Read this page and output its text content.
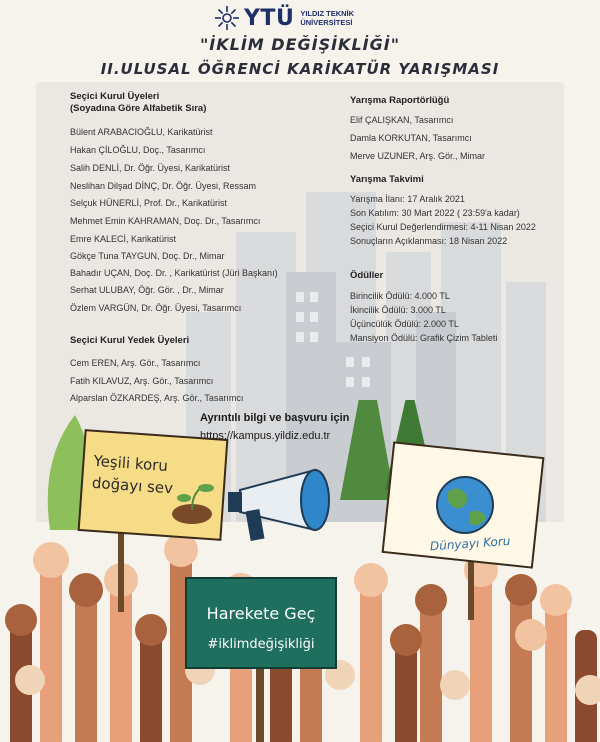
YTÜ YILDIZ TEKNİK
ÜNİVERSİTESİ
"İKLİM DEĞİŞİKLİĞİ"
II.ULUSAL ÖĞRENCİ KARİKATÜR YARIŞMASI
Seçici Kurul Üyeleri
(Soyadına Göre Alfabetik Sıra)
Bülent ARABACIOĞLU, Karikatürist
Hakan ÇİLOĞLU, Doç., Tasarımcı
Salih DENLİ, Dr. Öğr. Üyesi, Karikatürist
Neslihan Dilşad DİNÇ, Dr. Öğr. Üyesi, Ressam
Selçuk HÜNERLİ, Prof. Dr., Karikatürist
Mehmet Emin KAHRAMAN, Doç. Dr., Tasarımcı
Emre KALECİ, Karikatürist
Gökçe Tuna TAYGUN, Doç. Dr., Mimar
Bahadır UÇAN, Doç. Dr. , Karikatürist (Jüri Başkanı)
Serhat ULUBAY, Öğr. Gör. , Dr., Mimar
Özlem VARGÜN, Dr. Öğr. Üyesi, Tasarımcı
Seçici Kurul Yedek Üyeleri
Cem EREN, Arş. Gör., Tasarımcı
Fatih KILAVUZ, Arş. Gör., Tasarımcı
Alparslan ÖZKARDEŞ, Arş. Gör., Tasarımcı
Yarışma Raportörlüğü
Elif ÇALIŞKAN, Tasarımcı
Damla KORKUTAN, Tasarımcı
Merve UZUNER, Arş. Gör., Mimar
Yarışma Takvimi
Yarışma İlanı: 17 Aralık 2021
Son Katılım: 30 Mart 2022 ( 23:59'a kadar)
Seçici Kurul Değerlendirmesi: 4-11 Nisan 2022
Sonuçların Açıklanması: 18 Nisan 2022
Ödüller
Birincilik Ödülü: 4.000 TL
İkincilik Ödülü: 3.000 TL
Üçüncülük Ödülü: 2.000 TL
Mansiyon Ödülü: Grafik Çizim Tableti
Ayrıntılı bilgi ve başvuru için
https://kampus.yildiz.edu.tr
Yeşili koru
doğayı sev
Dünyayı Koru
Harekete Geç
#iklimdeğişikliği
